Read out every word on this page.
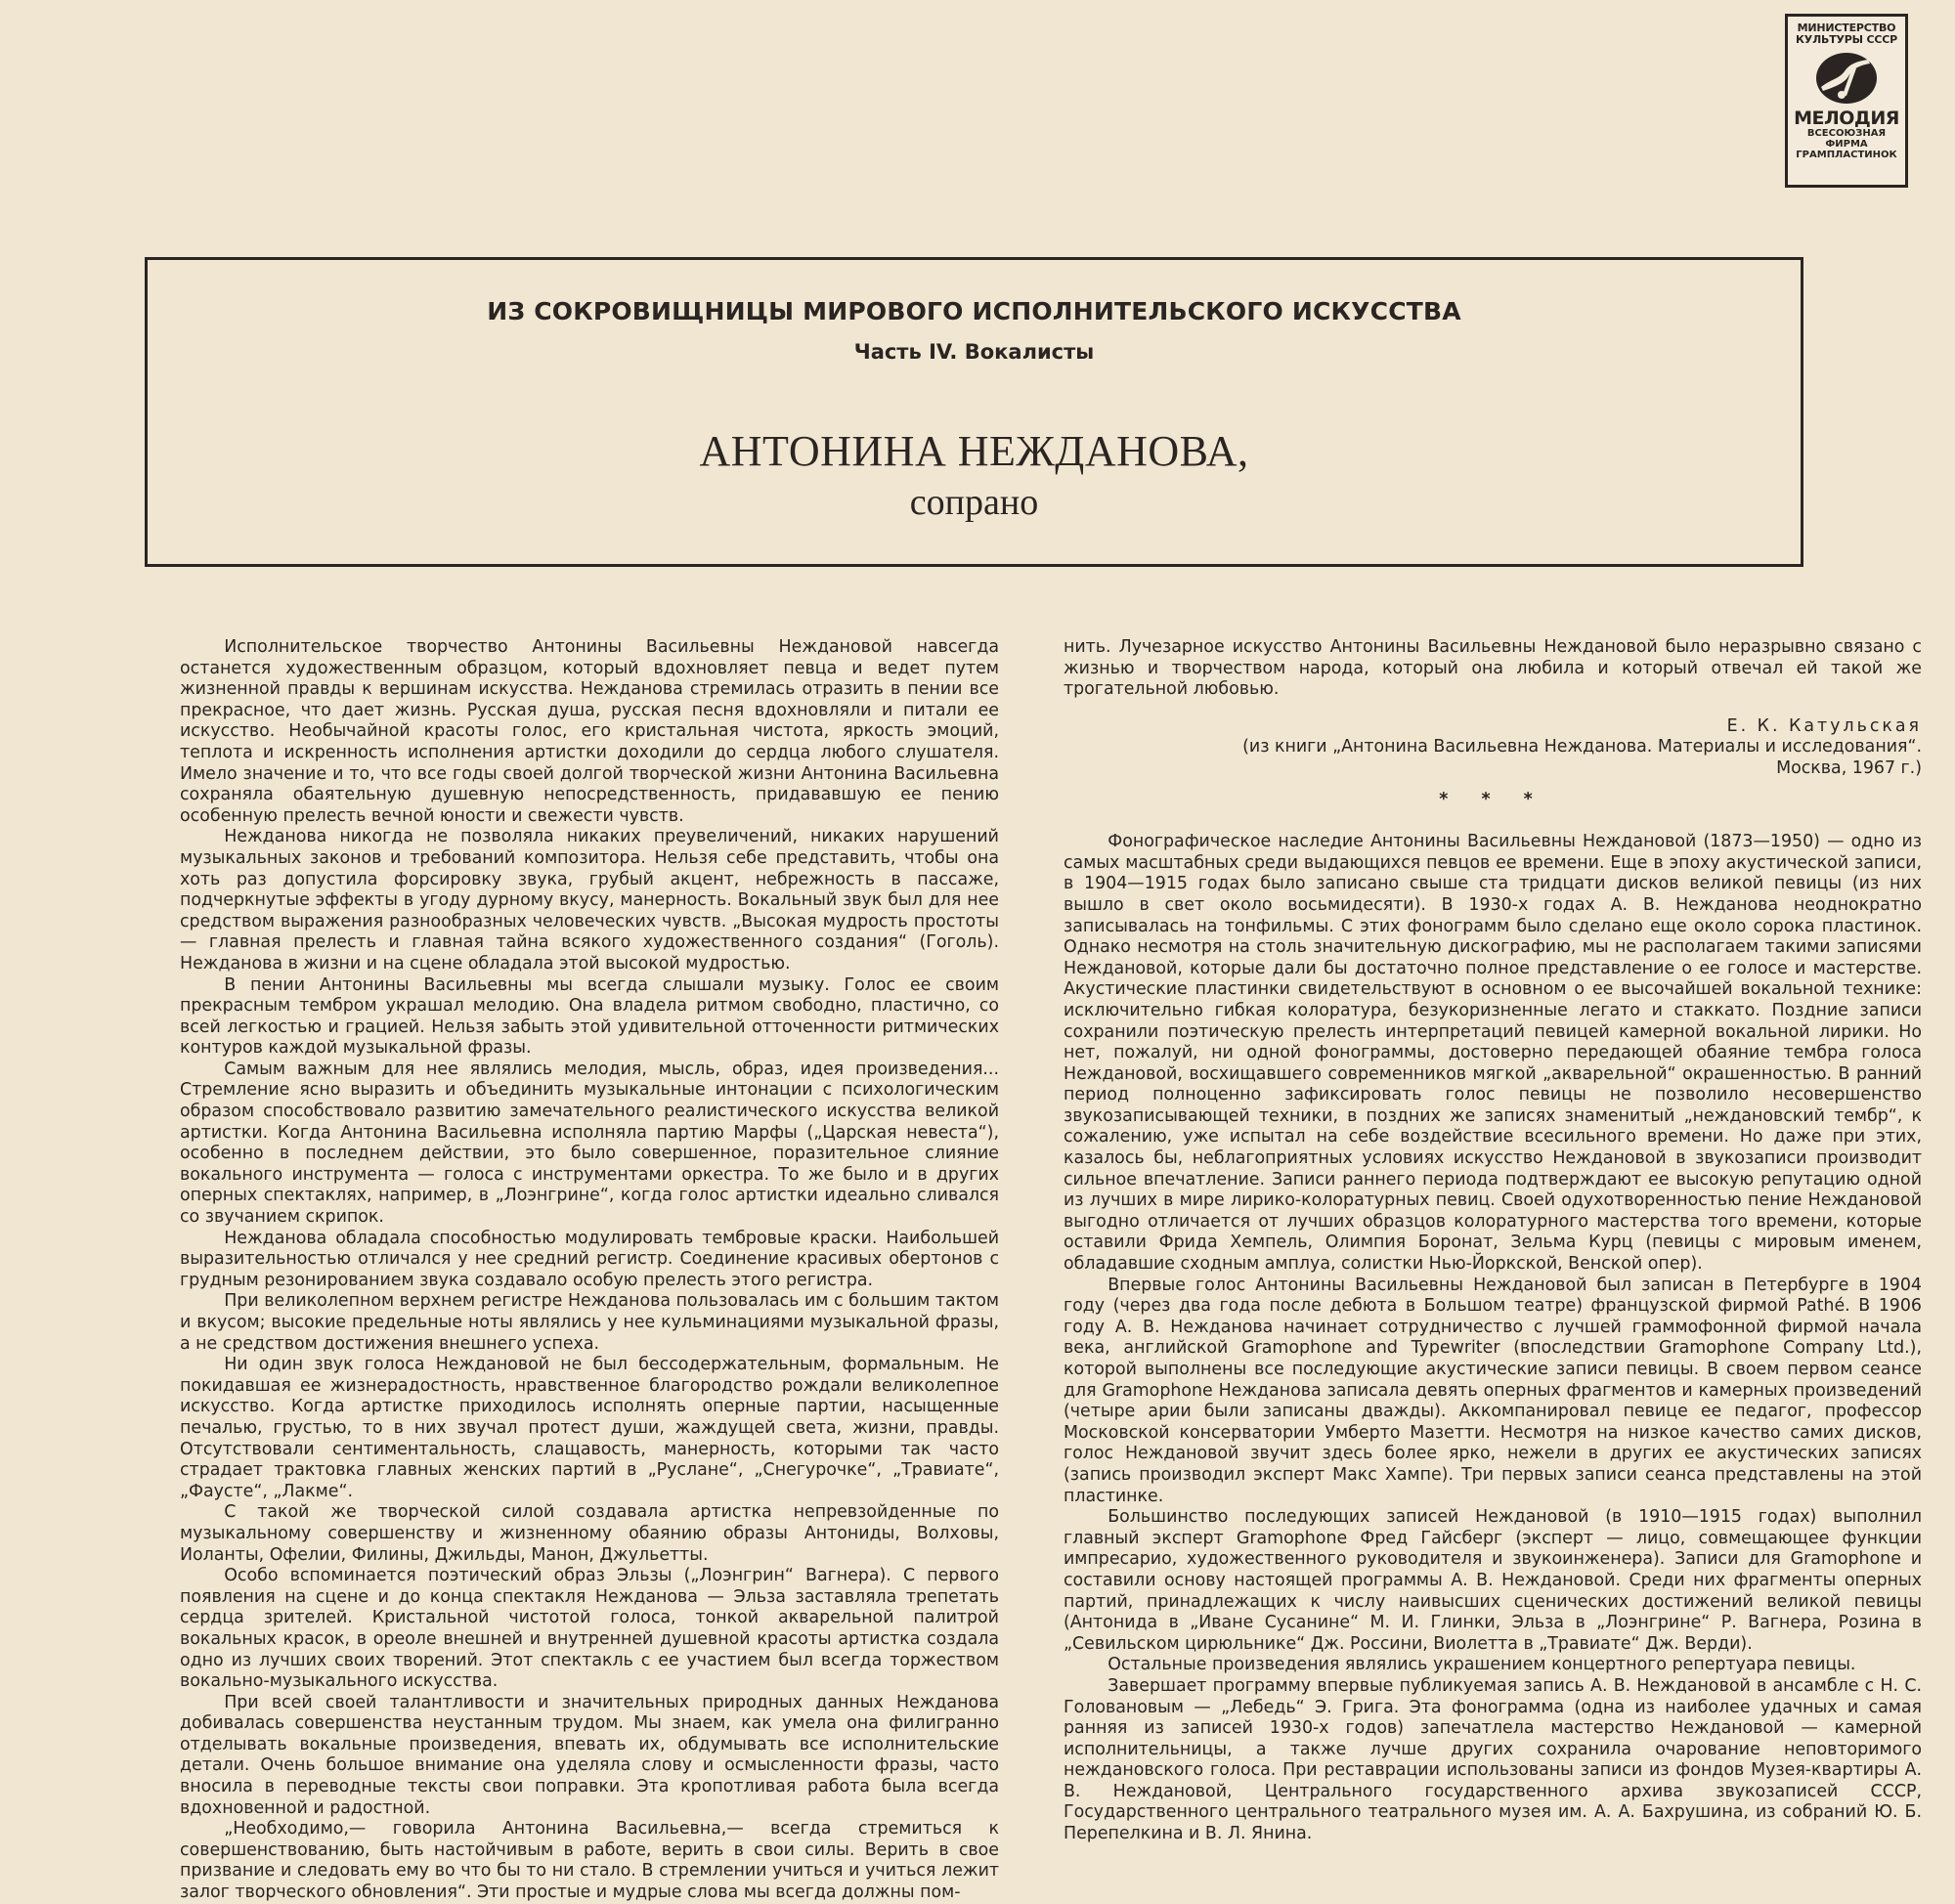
МИНИСТЕРСТВО КУЛЬТУРЫ СССР
МЕЛОДИЯ
ВСЕСОЮЗНАЯ
ФИРМА
ГРАМПЛАСТИНОК
ИЗ СОКРОВИЩНИЦЫ МИРОВОГО ИСПОЛНИТЕЛЬСКОГО ИСКУССТВА
Часть IV. Вокалисты
АНТОНИНА НЕЖДАНОВА,
сопрано

Исполнительское творчество Антонины Васильевны Неждановой навсегда останется художественным образцом, который вдохновляет певца и ведет путем жизненной правды к вершинам искусства. Нежданова стремилась отразить в пении все прекрасное, что дает жизнь. Русская душа, русская песня вдохновляли и питали ее искусство. Необычайной красоты голос, его кристальная чистота, яркость эмоций, теплота и искренность исполнения артистки доходили до сердца любого слушателя. Имело значение и то, что все годы своей долгой творческой жизни Антонина Васильевна сохраняла обаятельную душевную непосредственность, придававшую ее пению особенную прелесть вечной юности и свежести чувств.

Нежданова никогда не позволяла никаких преувеличений, никаких нарушений музыкальных законов и требований композитора. Нельзя себе представить, чтобы она хоть раз допустила форсировку звука, грубый акцент, небрежность в пассаже, подчеркнутые эффекты в угоду дурному вкусу, манерность. Вокальный звук был для нее средством выражения разнообразных человеческих чувств. „Высокая мудрость простоты — главная прелесть и главная тайна всякого художественного создания“ (Гоголь). Нежданова в жизни и на сцене обладала этой высокой мудростью.

В пении Антонины Васильевны мы всегда слышали музыку. Голос ее своим прекрасным тембром украшал мелодию. Она владела ритмом свободно, пластично, со всей легкостью и грацией. Нельзя забыть этой удивительной отточенности ритмических контуров каждой музыкальной фразы.

Самым важным для нее являлись мелодия, мысль, образ, идея произведения... Стремление ясно выразить и объединить музыкальные интонации с психологическим образом способствовало развитию замечательного реалистического искусства великой артистки. Когда Антонина Васильевна исполняла партию Марфы („Царская невеста“), особенно в последнем действии, это было совершенное, поразительное слияние вокального инструмента — голоса с инструментами оркестра. То же было и в других оперных спектаклях, например, в „Лоэнгрине“, когда голос артистки идеально сливался со звучанием скрипок.

Нежданова обладала способностью модулировать тембровые краски. Наибольшей выразительностью отличался у нее средний регистр. Соединение красивых обертонов с грудным резонированием звука создавало особую прелесть этого регистра.

При великолепном верхнем регистре Нежданова пользовалась им с большим тактом и вкусом; высокие предельные ноты являлись у нее кульминациями музыкальной фразы, а не средством достижения внешнего успеха.

Ни один звук голоса Неждановой не был бессодержательным, формальным. Не покидавшая ее жизнерадостность, нравственное благородство рождали великолепное искусство. Когда артистке приходилось исполнять оперные партии, насыщенные печалью, грустью, то в них звучал протест души, жаждущей света, жизни, правды. Отсутствовали сентиментальность, слащавость, манерность, которыми так часто страдает трактовка главных женских партий в „Руслане“, „Снегурочке“, „Травиате“, „Фаусте“, „Лакме“.

С такой же творческой силой создавала артистка непревзойденные по музыкальному совершенству и жизненному обаянию образы Антониды, Волховы, Иоланты, Офелии, Филины, Джильды, Манон, Джульетты.

Особо вспоминается поэтический образ Эльзы („Лоэнгрин“ Вагнера). С первого появления на сцене и до конца спектакля Нежданова — Эльза заставляла трепетать сердца зрителей. Кристальной чистотой голоса, тонкой акварельной палитрой вокальных красок, в ореоле внешней и внутренней душевной красоты артистка создала одно из лучших своих творений. Этот спектакль с ее участием был всегда торжеством вокально-музыкального искусства.

При всей своей талантливости и значительных природных данных Нежданова добивалась совершенства неустанным трудом. Мы знаем, как умела она филигранно отделывать вокальные произведения, впевать их, обдумывать все исполнительские детали. Очень большое внимание она уделяла слову и осмысленности фразы, часто вносила в переводные тексты свои поправки. Эта кропотливая работа была всегда вдохновенной и радостной.

„Необходимо,— говорила Антонина Васильевна,— всегда стремиться к совершенствованию, быть настойчивым в работе, верить в свои силы. Верить в свое призвание и следовать ему во что бы то ни стало. В стремлении учиться и учиться лежит залог творческого обновления“. Эти простые и мудрые слова мы всегда должны пом-

нить. Лучезарное искусство Антонины Васильевны Неждановой было неразрывно связано с жизнью и творчеством народа, который она любила и который отвечал ей такой же трогательной любовью.

Е. К. Катульская
(из книги „Антонина Васильевна Нежданова. Материалы и исследования“.
Москва, 1967 г.)
* * *

Фонографическое наследие Антонины Васильевны Неждановой (1873—1950) — одно из самых масштабных среди выдающихся певцов ее времени. Еще в эпоху акустической записи, в 1904—1915 годах было записано свыше ста тридцати дисков великой певицы (из них вышло в свет около восьмидесяти). В 1930-х годах А. В. Нежданова неоднократно записывалась на тонфильмы. С этих фонограмм было сделано еще около сорока пластинок. Однако несмотря на столь значительную дискографию, мы не располагаем такими записями Неждановой, которые дали бы достаточно полное представление о ее голосе и мастерстве. Акустические пластинки свидетельствуют в основном о ее высочайшей вокальной технике: исключительно гибкая колоратура, безукоризненные легато и стаккато. Поздние записи сохранили поэтическую прелесть интерпретаций певицей камерной вокальной лирики. Но нет, пожалуй, ни одной фонограммы, достоверно передающей обаяние тембра голоса Неждановой, восхищавшего современников мягкой „акварельной“ окрашенностью. В ранний период полноценно зафиксировать голос певицы не позволило несовершенство звукозаписывающей техники, в поздних же записях знаменитый „неждановский тембр“, к сожалению, уже испытал на себе воздействие всесильного времени. Но даже при этих, казалось бы, неблагоприятных условиях искусство Неждановой в звукозаписи производит сильное впечатление. Записи раннего периода подтверждают ее высокую репутацию одной из лучших в мире лирико-колоратурных певиц. Своей одухотворенностью пение Неждановой выгодно отличается от лучших образцов колоратурного мастерства того времени, которые оставили Фрида Хемпель, Олимпия Боронат, Зельма Курц (певицы с мировым именем, обладавшие сходным амплуа, солистки Нью-Йоркской, Венской опер).

Впервые голос Антонины Васильевны Неждановой был записан в Петербурге в 1904 году (через два года после дебюта в Большом театре) французской фирмой Pathé. В 1906 году А. В. Нежданова начинает сотрудничество с лучшей граммофонной фирмой начала века, английской Gramophone and Typewriter (впоследствии Gramophone Company Ltd.), которой выполнены все последующие акустические записи певицы. В своем первом сеансе для Gramophone Нежданова записала девять оперных фрагментов и камерных произведений (четыре арии были записаны дважды). Аккомпанировал певице ее педагог, профессор Московской консерватории Умберто Мазетти. Несмотря на низкое качество самих дисков, голос Неждановой звучит здесь более ярко, нежели в других ее акустических записях (запись производил эксперт Макс Хампе). Три первых записи сеанса представлены на этой пластинке.

Большинство последующих записей Неждановой (в 1910—1915 годах) выполнил главный эксперт Gramophone Фред Гайсберг (эксперт — лицо, совмещающее функции импресарио, художественного руководителя и звукоинженера). Записи для Gramophone и составили основу настоящей программы А. В. Неждановой. Среди них фрагменты оперных партий, принадлежащих к числу наивысших сценических достижений великой певицы (Антонида в „Иване Сусанине“ М. И. Глинки, Эльза в „Лоэнгрине“ Р. Вагнера, Розина в „Севильском цирюльнике“ Дж. Россини, Виолетта в „Травиате“ Дж. Верди).

Остальные произведения являлись украшением концертного репертуара певицы.

Завершает программу впервые публикуемая запись А. В. Неждановой в ансамбле с Н. С. Головановым — „Лебедь“ Э. Грига. Эта фонограмма (одна из наиболее удачных и самая ранняя из записей 1930-х годов) запечатлела мастерство Неждановой — камерной исполнительницы, а также лучше других сохранила очарование неповторимого неждановского голоса. При реставрации использованы записи из фондов Музея-квартиры А. В. Неждановой, Центрального государственного архива звукозаписей СССР, Государственного центрального театрального музея им. А. А. Бахрушина, из собраний Ю. Б. Перепелкина и В. Л. Янина.
